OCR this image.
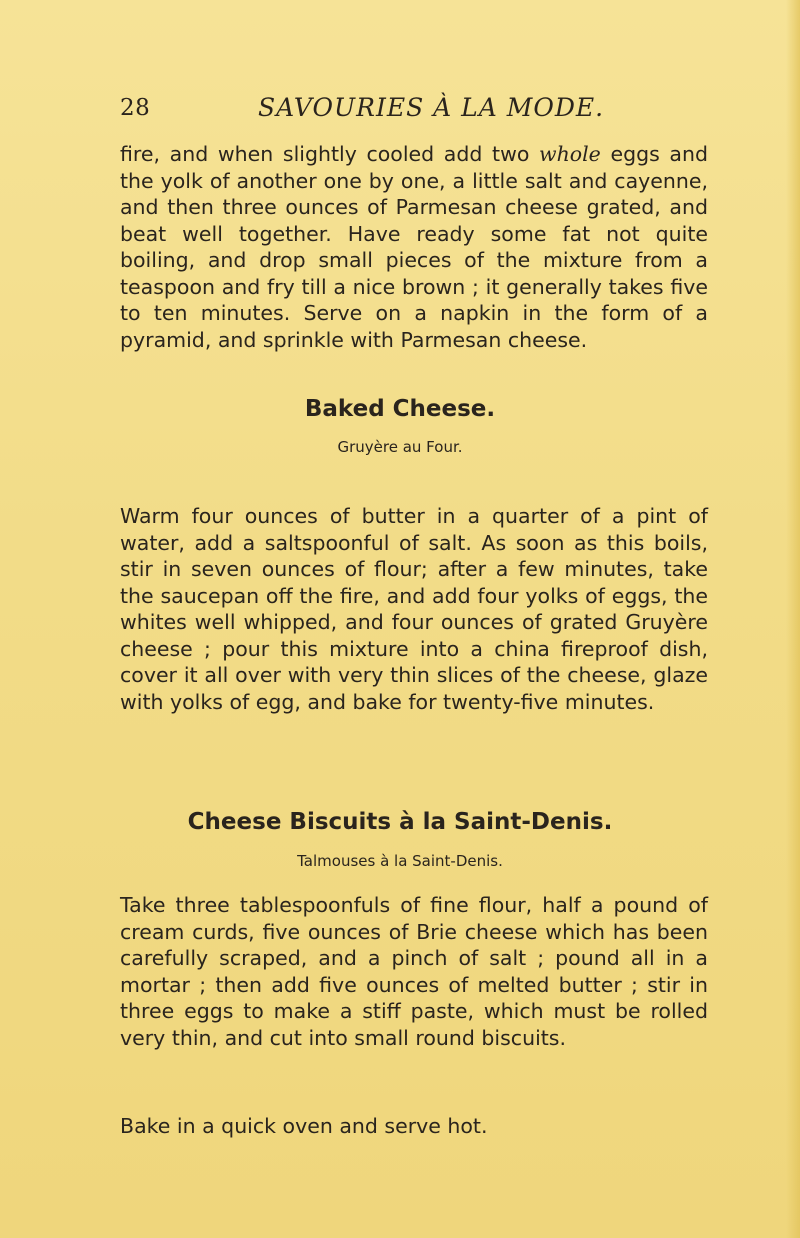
28	SAVOURIES À LA MODE.

fire, and when slightly cooled add two whole eggs and the yolk of another one by one, a little salt and cayenne, and then three ounces of Parmesan cheese grated, and beat well together. Have ready some fat not quite boiling, and drop small pieces of the mixture from a teaspoon and fry till a nice brown ; it generally takes five to ten minutes. Serve on a napkin in the form of a pyramid, and sprinkle with Parmesan cheese.

Baked Cheese.
Gruyère au Four.

Warm four ounces of butter in a quarter of a pint of water, add a saltspoonful of salt. As soon as this boils, stir in seven ounces of flour; after a few minutes, take the saucepan off the fire, and add four yolks of eggs, the whites well whipped, and four ounces of grated Gruyère cheese ; pour this mixture into a china fireproof dish, cover it all over with very thin slices of the cheese, glaze with yolks of egg, and bake for twenty-five minutes.

Cheese Biscuits à la Saint-Denis.
Talmouses à la Saint-Denis.

Take three tablespoonfuls of fine flour, half a pound of cream curds, five ounces of Brie cheese which has been carefully scraped, and a pinch of salt ; pound all in a mortar ; then add five ounces of melted butter ; stir in three eggs to make a stiff paste, which must be rolled very thin, and cut into small round biscuits.

Bake in a quick oven and serve hot.
